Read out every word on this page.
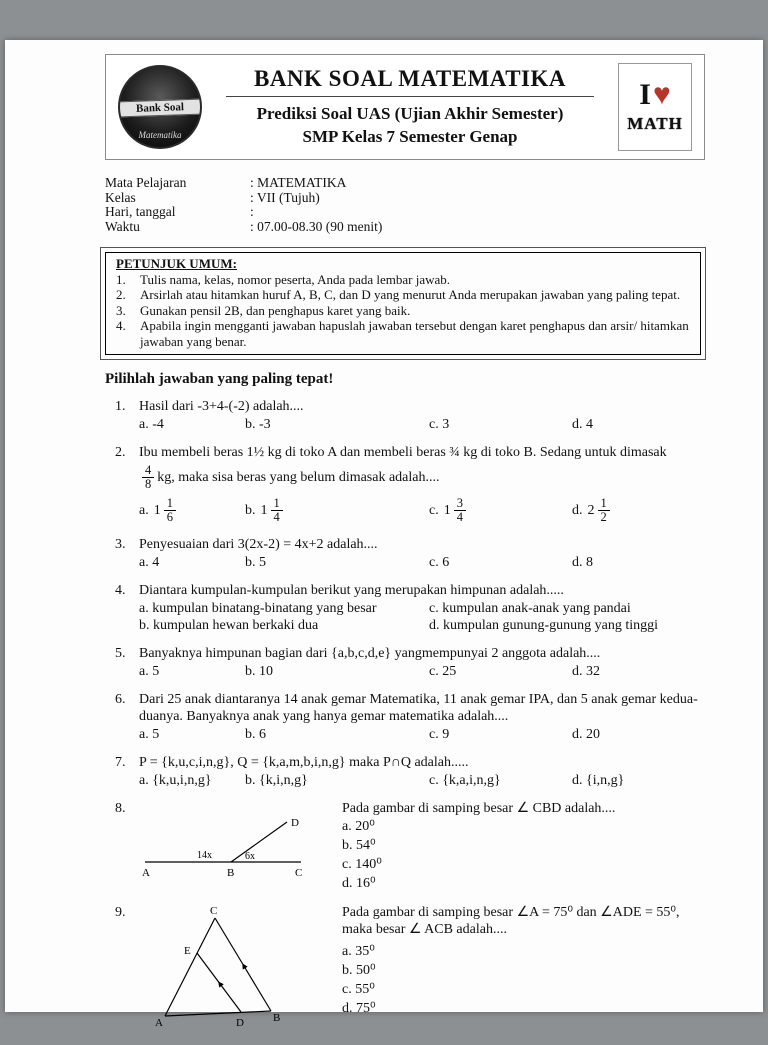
Bank Soal
Matematika
BANK SOAL MATEMATIKA
Prediksi Soal UAS (Ujian Akhir Semester)
SMP Kelas 7 Semester Genap
I ♥
MATH
Mata Pelajaran	: MATEMATIKA
Kelas	: VII (Tujuh)
Hari, tanggal	:
Waktu	: 07.00-08.30 (90 menit)
PETUNJUK UMUM:
1.	Tulis nama, kelas, nomor peserta, Anda pada lembar jawab.
2.	Arsirlah atau hitamkan huruf A, B, C, dan D yang menurut Anda merupakan jawaban yang paling tepat.
3.	Gunakan pensil 2B, dan penghapus karet yang baik.
4.	Apabila ingin mengganti jawaban hapuslah jawaban tersebut dengan karet penghapus dan arsir/ hitamkan jawaban yang benar.
Pilihlah jawaban yang paling tepat!
1. Hasil dari -3+4-(-2) adalah....
a. -4	b. -3	c. 3	d. 4
2. Ibu membeli beras 1½ kg di toko A dan membeli beras ¾ kg di toko B. Sedang untuk dimasak
$\frac{4}{8}$ kg, maka sisa beras yang belum dimasak adalah....
a. $1 \frac{1}{6}$	b. $1 \frac{1}{4}$	c. $1 \frac{3}{4}$	d. $2 \frac{1}{2}$
3. Penyesuaian dari 3(2x-2) = 4x+2 adalah....
a. 4	b. 5	c. 6	d. 8
4. Diantara kumpulan-kumpulan berikut yang merupakan himpunan adalah.....
a. kumpulan binatang-binatang yang besar	c. kumpulan anak-anak yang pandai
b. kumpulan hewan berkaki dua	d. kumpulan gunung-gunung yang tinggi
5. Banyaknya himpunan bagian dari {a,b,c,d,e} yangmempunyai 2 anggota adalah....
a. 5	b. 10	c. 25	d. 32
6. Dari 25 anak diantaranya 14 anak gemar Matematika, 11 anak gemar IPA, dan 5 anak gemar kedua-duanya. Banyaknya anak yang hanya gemar matematika adalah....
a. 5	b. 6	c. 9	d. 20
7. P = {k,u,c,i,n,g}, Q = {k,a,m,b,i,n,g} maka P∩Q adalah.....
a. {k,u,i,n,g}	b. {k,i,n,g}	c. {k,a,i,n,g}	d. {i,n,g}
8.
A	B	C
D
14x	6x
Pada gambar di samping besar ∠ CBD adalah....
a. 20⁰
b. 54⁰
c. 140⁰
d. 16⁰
9.
A	B
C
D
E
Pada gambar di samping besar ∠A = 75⁰ dan ∠ADE = 55⁰, maka besar ∠ ACB adalah....
a. 35⁰
b. 50⁰
c. 55⁰
d. 75⁰
